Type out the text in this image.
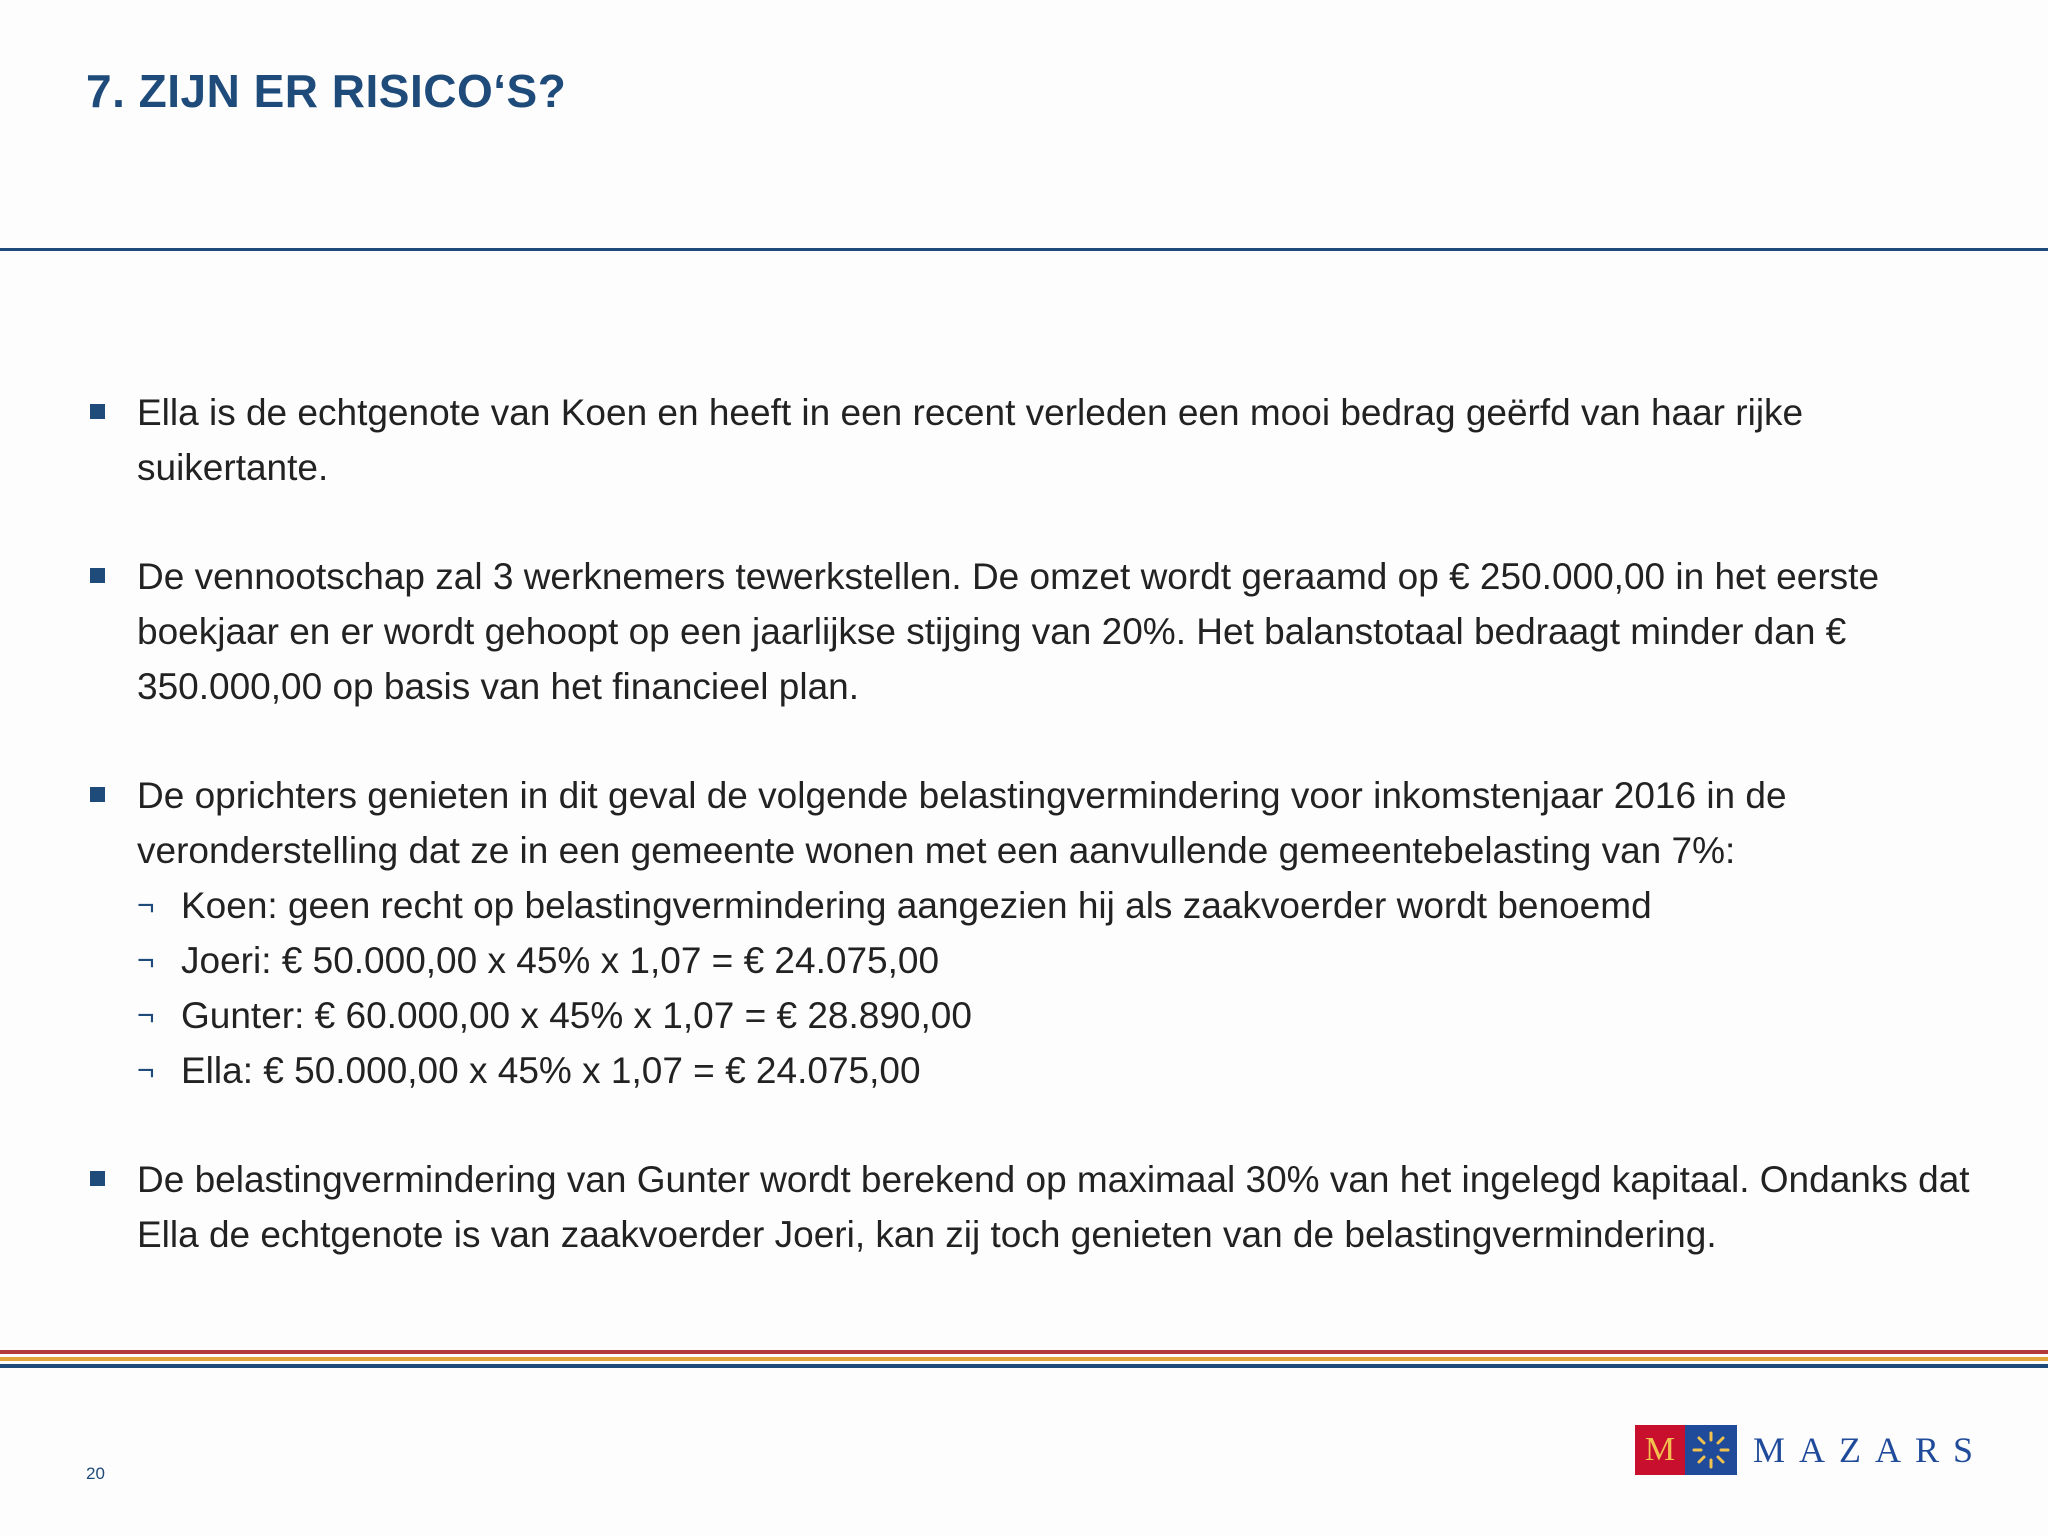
7. ZIJN ER RISICO‘S?
Ella is de echtgenote van Koen en heeft in een recent verleden een mooi bedrag geërfd van haar rijke suikertante.
De vennootschap zal 3 werknemers tewerkstellen. De omzet wordt geraamd op € 250.000,00 in het eerste boekjaar en er wordt gehoopt op een jaarlijkse stijging van 20%. Het balanstotaal bedraagt minder dan € 350.000,00 op basis van het financieel plan.
De oprichters genieten in dit geval de volgende belastingvermindering voor inkomstenjaar 2016 in de veronderstelling dat ze in een gemeente wonen met een aanvullende gemeentebelasting van 7%:
¬ Koen: geen recht op belastingvermindering aangezien hij als zaakvoerder wordt benoemd
¬ Joeri: € 50.000,00 x 45% x 1,07 = € 24.075,00
¬ Gunter: € 60.000,00 x 45% x 1,07 = € 28.890,00
¬ Ella: € 50.000,00 x 45% x 1,07 = € 24.075,00
De belastingvermindering van Gunter wordt berekend op maximaal 30% van het ingelegd kapitaal. Ondanks dat Ella de echtgenote is van zaakvoerder Joeri, kan zij toch genieten van de belastingvermindering.
20
M MAZARS
